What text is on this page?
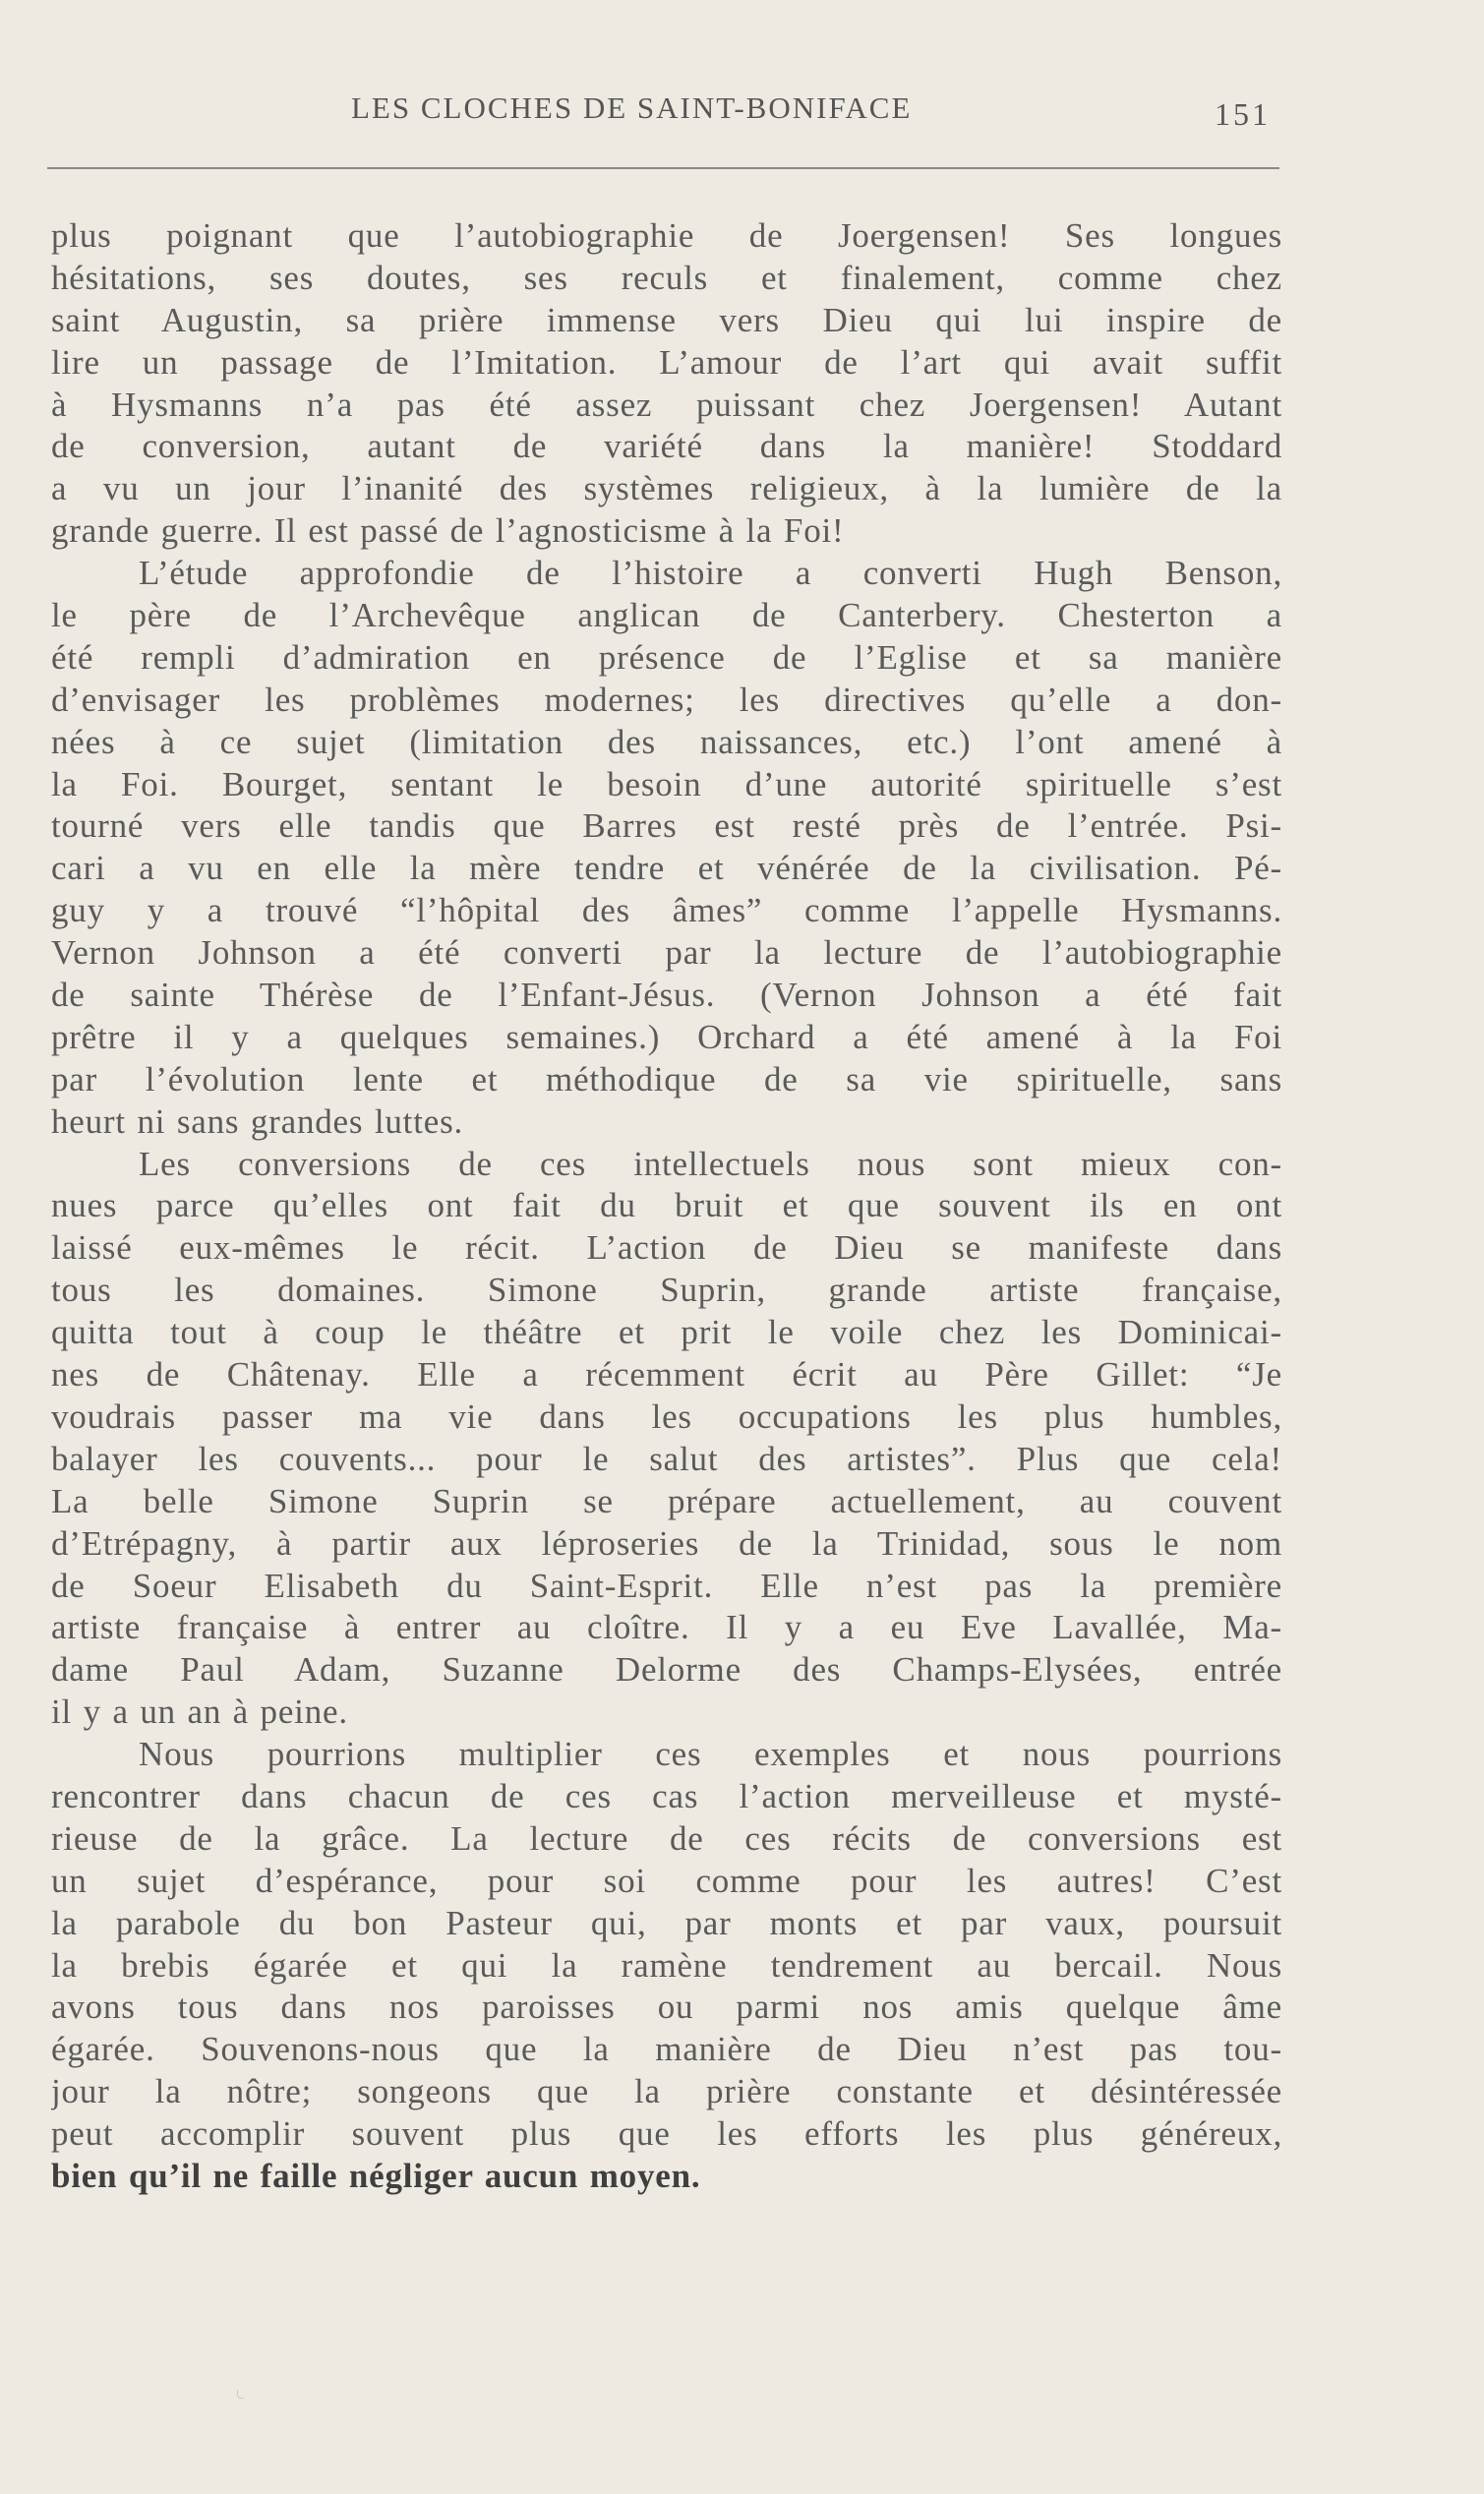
LES CLOCHES DE SAINT-BONIFACE	151
plus poignant que l’autobiographie de Joergensen! Ses longues
hésitations, ses doutes, ses reculs et finalement, comme chez
saint Augustin, sa prière immense vers Dieu qui lui inspire de
lire un passage de l’Imitation. L’amour de l’art qui avait suffit
à Hysmanns n’a pas été assez puissant chez Joergensen! Autant
de conversion, autant de variété dans la manière! Stoddard
a vu un jour l’inanité des systèmes religieux, à la lumière de la
grande guerre. Il est passé de l’agnosticisme à la Foi!
L’étude approfondie de l’histoire a converti Hugh Benson,
le père de l’Archevêque anglican de Canterbery. Chesterton a
été rempli d’admiration en présence de l’Eglise et sa manière
d’envisager les problèmes modernes; les directives qu’elle a don-
nées à ce sujet (limitation des naissances, etc.) l’ont amené à
la Foi. Bourget, sentant le besoin d’une autorité spirituelle s’est
tourné vers elle tandis que Barres est resté près de l’entrée. Psi-
cari a vu en elle la mère tendre et vénérée de la civilisation. Pé-
guy y a trouvé “l’hôpital des âmes” comme l’appelle Hysmanns.
Vernon Johnson a été converti par la lecture de l’autobiographie
de sainte Thérèse de l’Enfant-Jésus. (Vernon Johnson a été fait
prêtre il y a quelques semaines.) Orchard a été amené à la Foi
par l’évolution lente et méthodique de sa vie spirituelle, sans
heurt ni sans grandes luttes.
Les conversions de ces intellectuels nous sont mieux con-
nues parce qu’elles ont fait du bruit et que souvent ils en ont
laissé eux-mêmes le récit. L’action de Dieu se manifeste dans
tous les domaines. Simone Suprin, grande artiste française,
quitta tout à coup le théâtre et prit le voile chez les Dominicai-
nes de Châtenay. Elle a récemment écrit au Père Gillet: “Je
voudrais passer ma vie dans les occupations les plus humbles,
balayer les couvents... pour le salut des artistes”. Plus que cela!
La belle Simone Suprin se prépare actuellement, au couvent
d’Etrépagny, à partir aux léproseries de la Trinidad, sous le nom
de Soeur Elisabeth du Saint-Esprit. Elle n’est pas la première
artiste française à entrer au cloître. Il y a eu Eve Lavallée, Ma-
dame Paul Adam, Suzanne Delorme des Champs-Elysées, entrée
il y a un an à peine.
Nous pourrions multiplier ces exemples et nous pourrions
rencontrer dans chacun de ces cas l’action merveilleuse et mysté-
rieuse de la grâce. La lecture de ces récits de conversions est
un sujet d’espérance, pour soi comme pour les autres! C’est
la parabole du bon Pasteur qui, par monts et par vaux, poursuit
la brebis égarée et qui la ramène tendrement au bercail. Nous
avons tous dans nos paroisses ou parmi nos amis quelque âme
égarée. Souvenons-nous que la manière de Dieu n’est pas tou-
jour la nôtre; songeons que la prière constante et désintéressée
peut accomplir souvent plus que les efforts les plus généreux,
bien qu’il ne faille négliger aucun moyen.
